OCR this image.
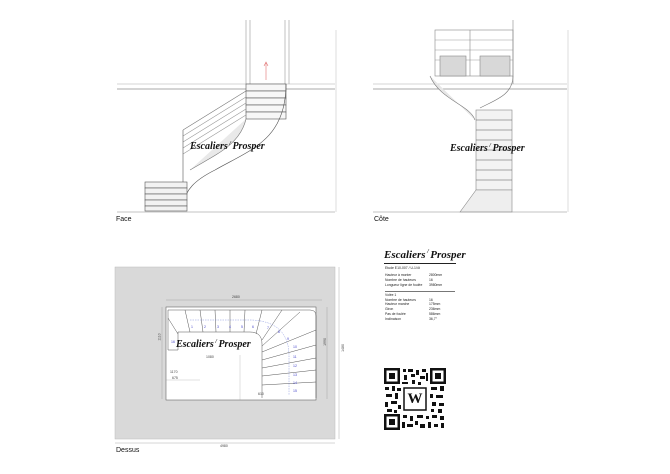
Face	Côte
Dessus
Escaliers / Prosper	Escaliers / Prosper
Escaliers / Prosper
Escaliers / Prosper
Etude E10-007 / U-1/4t
Hauteur à monter	2800mm
Nombre de hauteurs	16
Longueur ligne de foulée	3980mm
Volée 1
Nombre de hauteurs	16
Hauteur marche	175mm
Giron	236mm
Pas de foulée	586mm
Inclinaison	36,7°
W
2680
1110
1990
1480
4980
1080
1170
675
610
1	2	3	4	5	6	7
8
9
10
11
12
13
14
15
16
